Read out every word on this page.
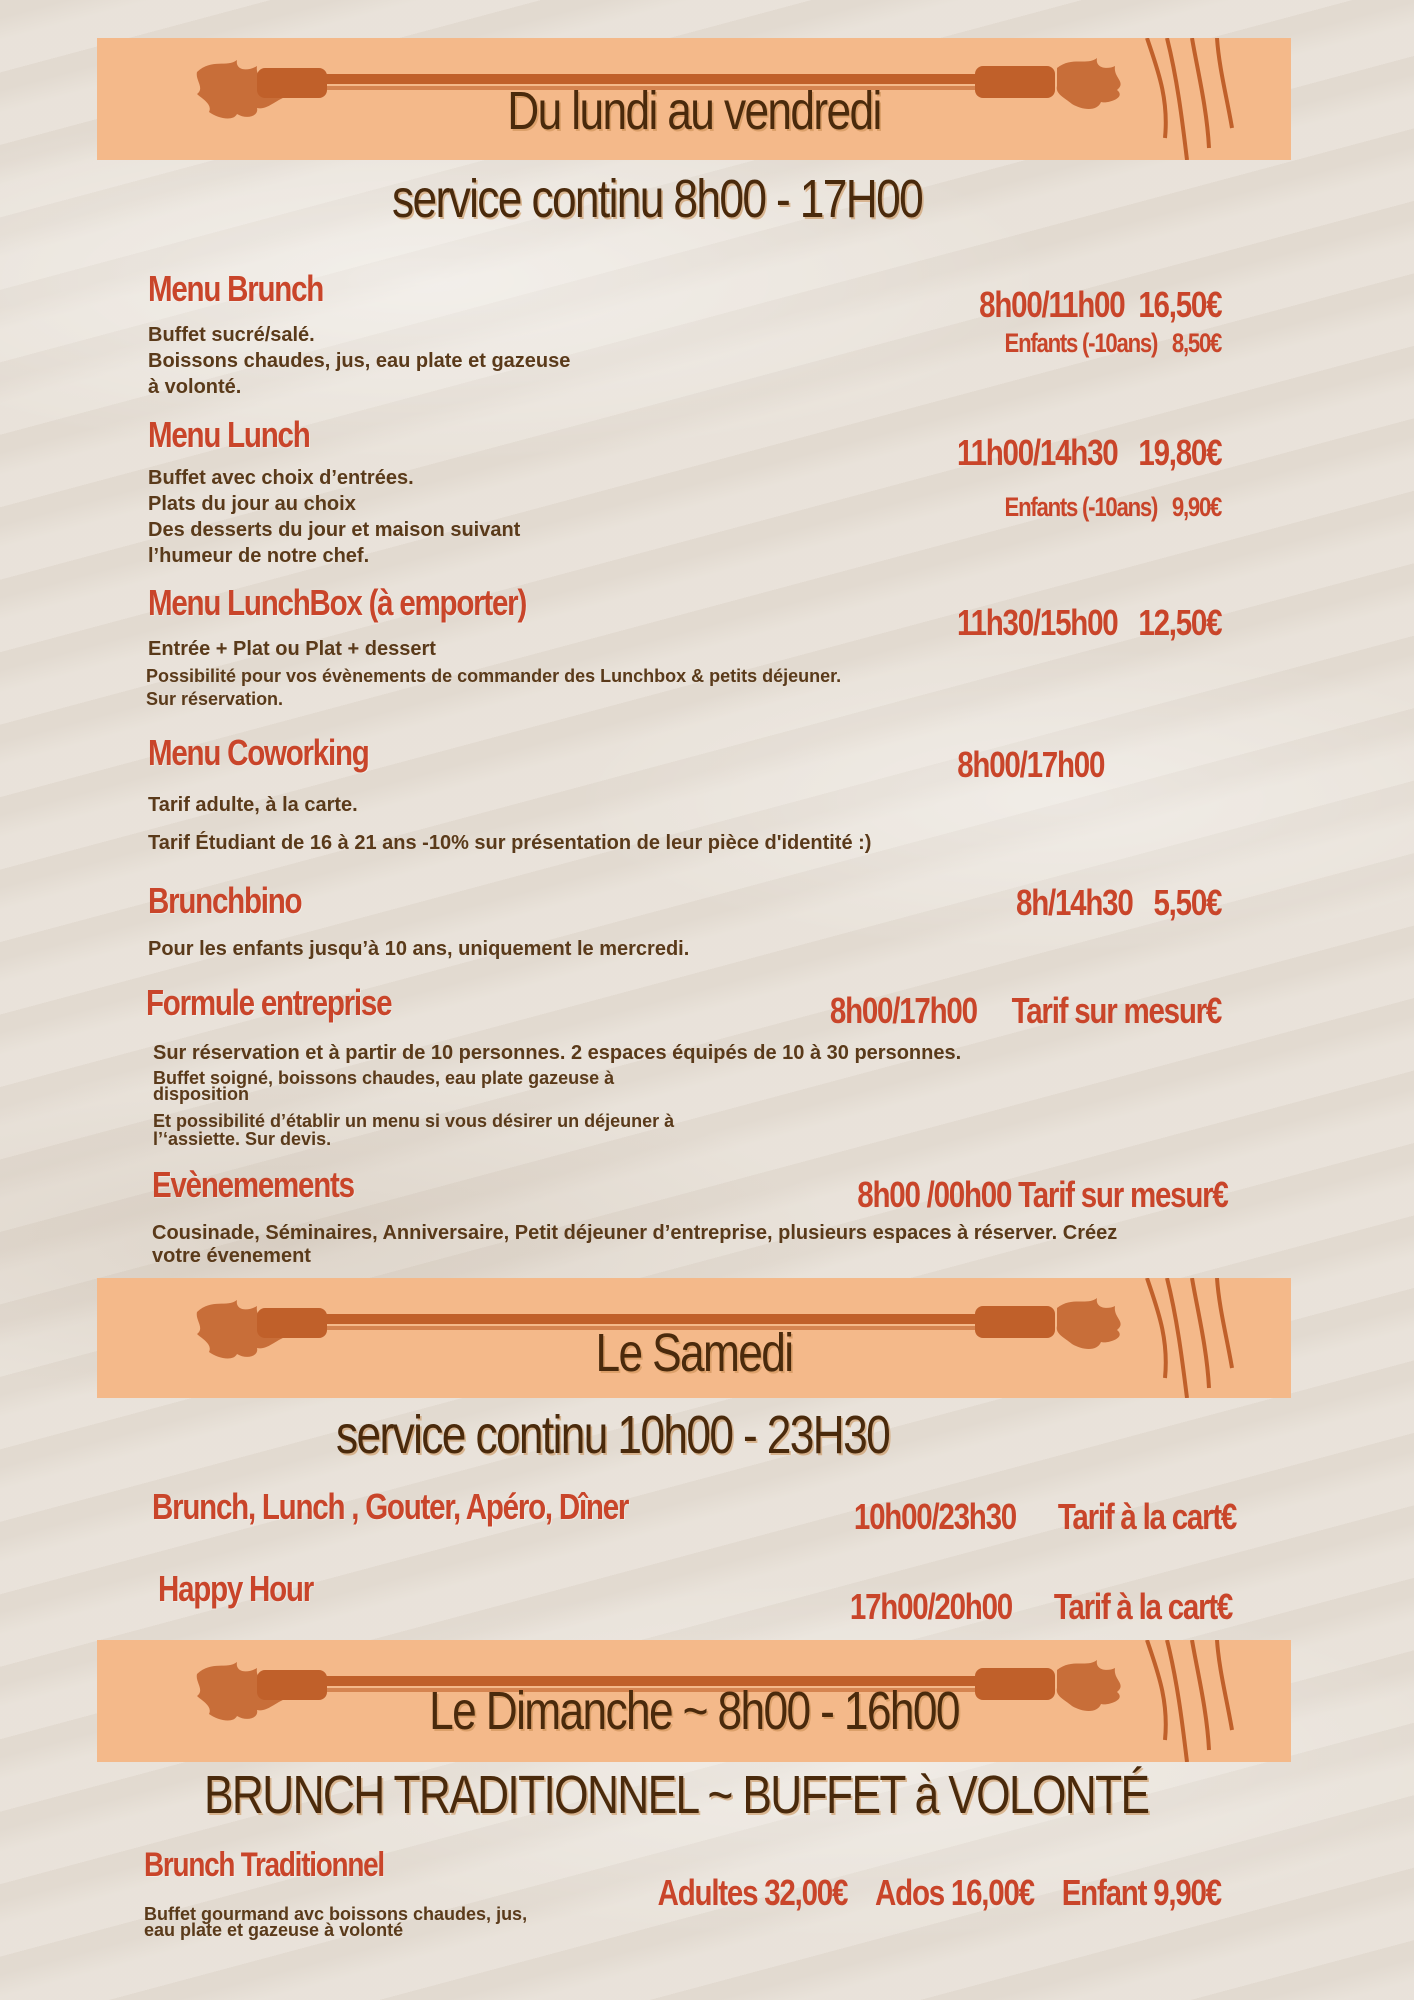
Du lundi au vendredi
service continu 8h00 - 17H00
Menu Brunch	8h00/11h00 16,50€
Enfants (-10ans) 8,50€
Buffet sucré/salé.
Boissons chaudes, jus, eau plate et gazeuse
à volonté.
Menu Lunch	11h00/14h30 19,80€
Enfants (-10ans) 9,90€
Buffet avec choix d’entrées.
Plats du jour au choix
Des desserts du jour et maison suivant
l’humeur de notre chef.
Menu LunchBox (à emporter)	11h30/15h00 12,50€
Entrée + Plat ou Plat + dessert
Possibilité pour vos évènements de commander des Lunchbox & petits déjeuner.
Sur réservation.
Menu Coworking	8h00/17h00
Tarif adulte, à la carte.
Tarif Étudiant de 16 à 21 ans -10% sur présentation de leur pièce d'identité :)
Brunchbino	8h/14h30 5,50€
Pour les enfants jusqu’à 10 ans, uniquement le mercredi.
Formule entreprise	8h00/17h00 Tarif sur mesur€
Sur réservation et à partir de 10 personnes. 2 espaces équipés de 10 à 30 personnes.
Buffet soigné, boissons chaudes, eau plate gazeuse à
disposition
Et possibilité d’établir un menu si vous désirer un déjeuner à
l’‘assiette. Sur devis.
Evènemements	8h00 /00h00 Tarif sur mesur€
Cousinade, Séminaires, Anniversaire, Petit déjeuner d’entreprise, plusieurs espaces à réserver. Créez
votre évenement
Le Samedi
service continu 10h00 - 23H30
Brunch, Lunch , Gouter, Apéro, Dîner	10h00/23h30 Tarif à la cart€
Happy Hour	17h00/20h00 Tarif à la cart€
Le Dimanche ~ 8h00 - 16h00
BRUNCH TRADITIONNEL ~ BUFFET à VOLONTÉ
Brunch Traditionnel
Adultes 32,00€ Ados 16,00€ Enfant 9,90€
Buffet gourmand avc boissons chaudes, jus,
eau plate et gazeuse à volonté
